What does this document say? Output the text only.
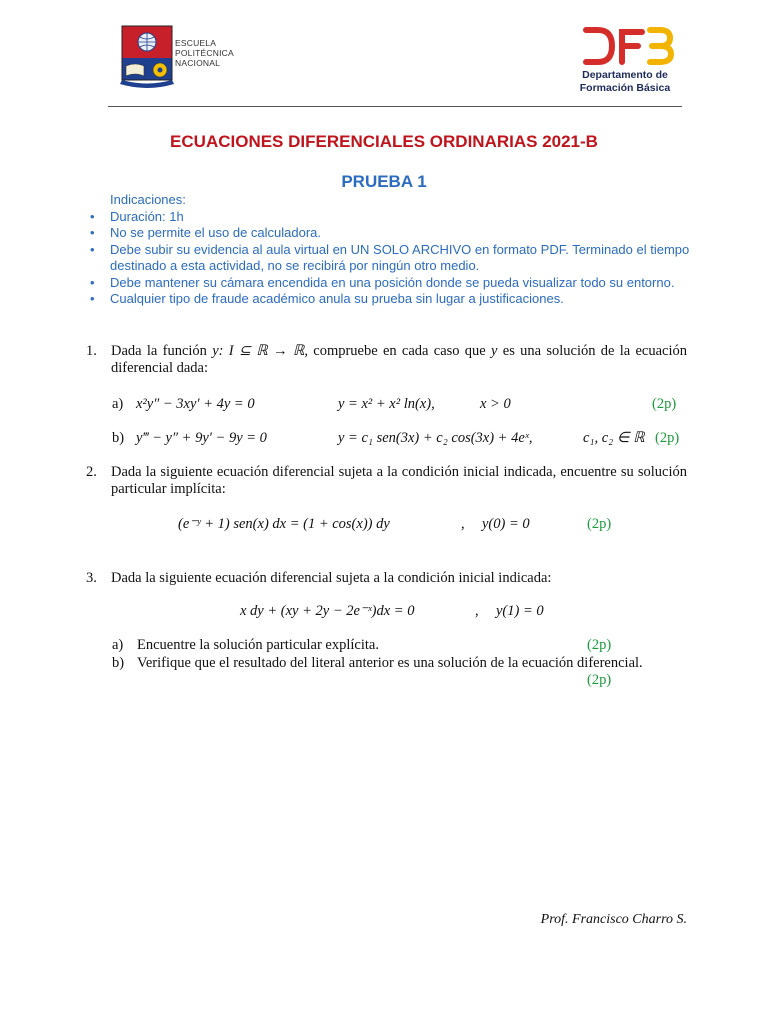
ESCUELA
POLITÉCNICA
NACIONAL
Departamento de
Formación Básica
ECUACIONES DIFERENCIALES ORDINARIAS 2021-B
PRUEBA 1
Indicaciones:
• Duración: 1h
• No se permite el uso de calculadora.
• Debe subir su evidencia al aula virtual en UN SOLO ARCHIVO en formato PDF. Terminado el tiempo destinado a esta actividad, no se recibirá por ningún otro medio.
• Debe mantener su cámara encendida en una posición donde se pueda visualizar todo su entorno.
• Cualquier tipo de fraude académico anula su prueba sin lugar a justificaciones.
1. Dada la función y: I ⊆ ℝ → ℝ, compruebe en cada caso que y es una solución de la ecuación diferencial dada:
a) x²y″ − 3xy′ + 4y = 0	y = x² + x² ln(x),	x > 0	(2p)
b) y‴ − y″ + 9y′ − 9y = 0	y = c₁ sen(3x) + c₂ cos(3x) + 4eˣ,	c₁, c₂ ∈ ℝ (2p)
2. Dada la siguiente ecuación diferencial sujeta a la condición inicial indicada, encuentre su solución particular implícita:
(e⁻ʸ + 1) sen(x) dx = (1 + cos(x)) dy	, y(0) = 0	(2p)
3. Dada la siguiente ecuación diferencial sujeta a la condición inicial indicada:
x dy + (xy + 2y − 2e⁻ˣ)dx = 0	, y(1) = 0
a) Encuentre la solución particular explícita.	(2p)
b) Verifique que el resultado del literal anterior es una solución de la ecuación diferencial.
(2p)
Prof. Francisco Charro S.
